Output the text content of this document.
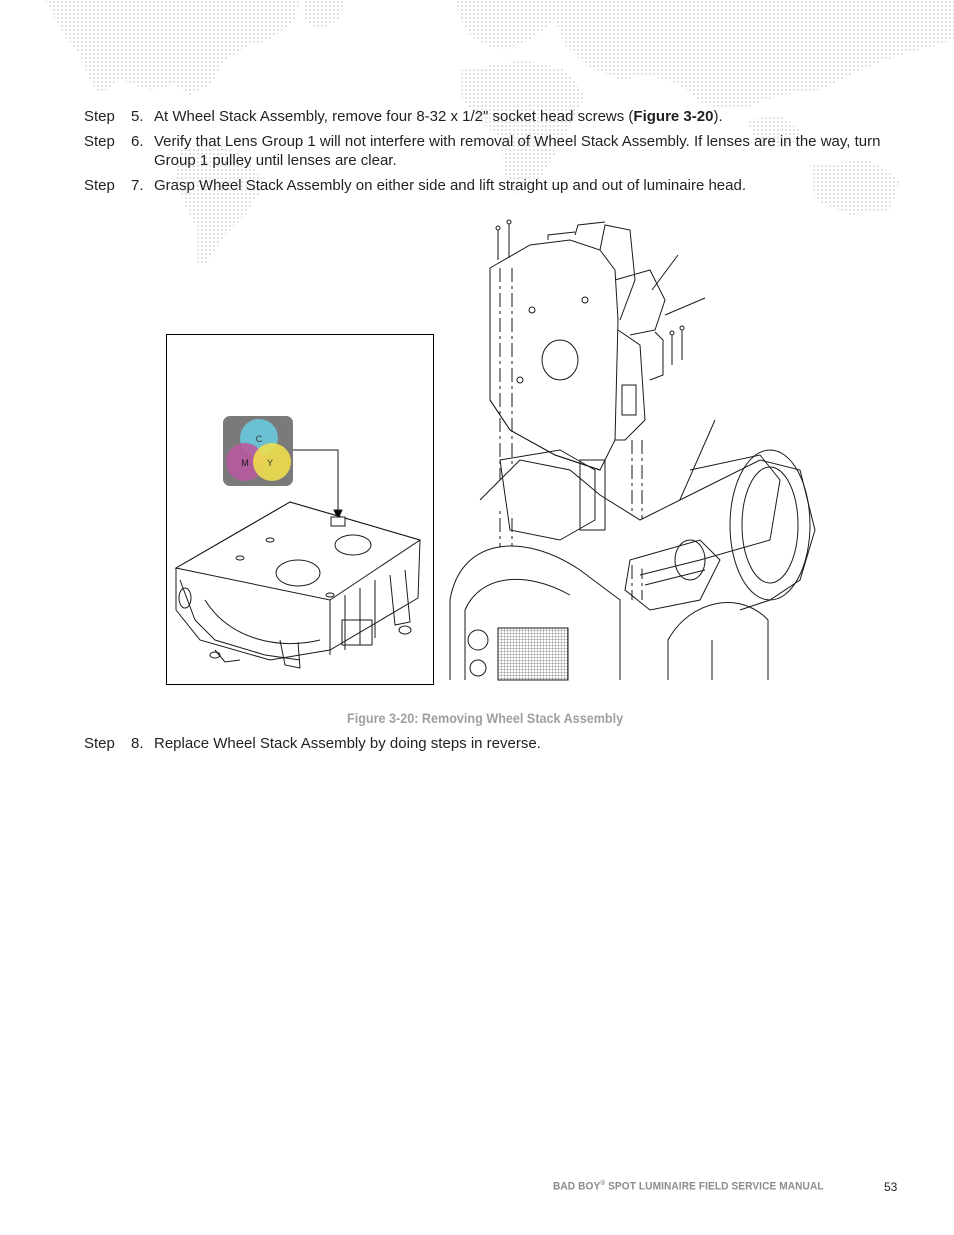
Step	5. At Wheel Stack Assembly, remove four 8-32 x 1/2" socket head screws (Figure 3-20).
Step	6. Verify that Lens Group 1 will not interfere with removal of Wheel Stack Assembly. If lenses are in the way, turn Group 1 pulley until lenses are clear.
Step	7. Grasp Wheel Stack Assembly on either side and lift straight up and out of luminaire head.
C
M Y
Figure 3-20: Removing Wheel Stack Assembly
Step	8. Replace Wheel Stack Assembly by doing steps in reverse.
BAD BOY® SPOT LUMINAIRE FIELD SERVICE MANUAL	53
